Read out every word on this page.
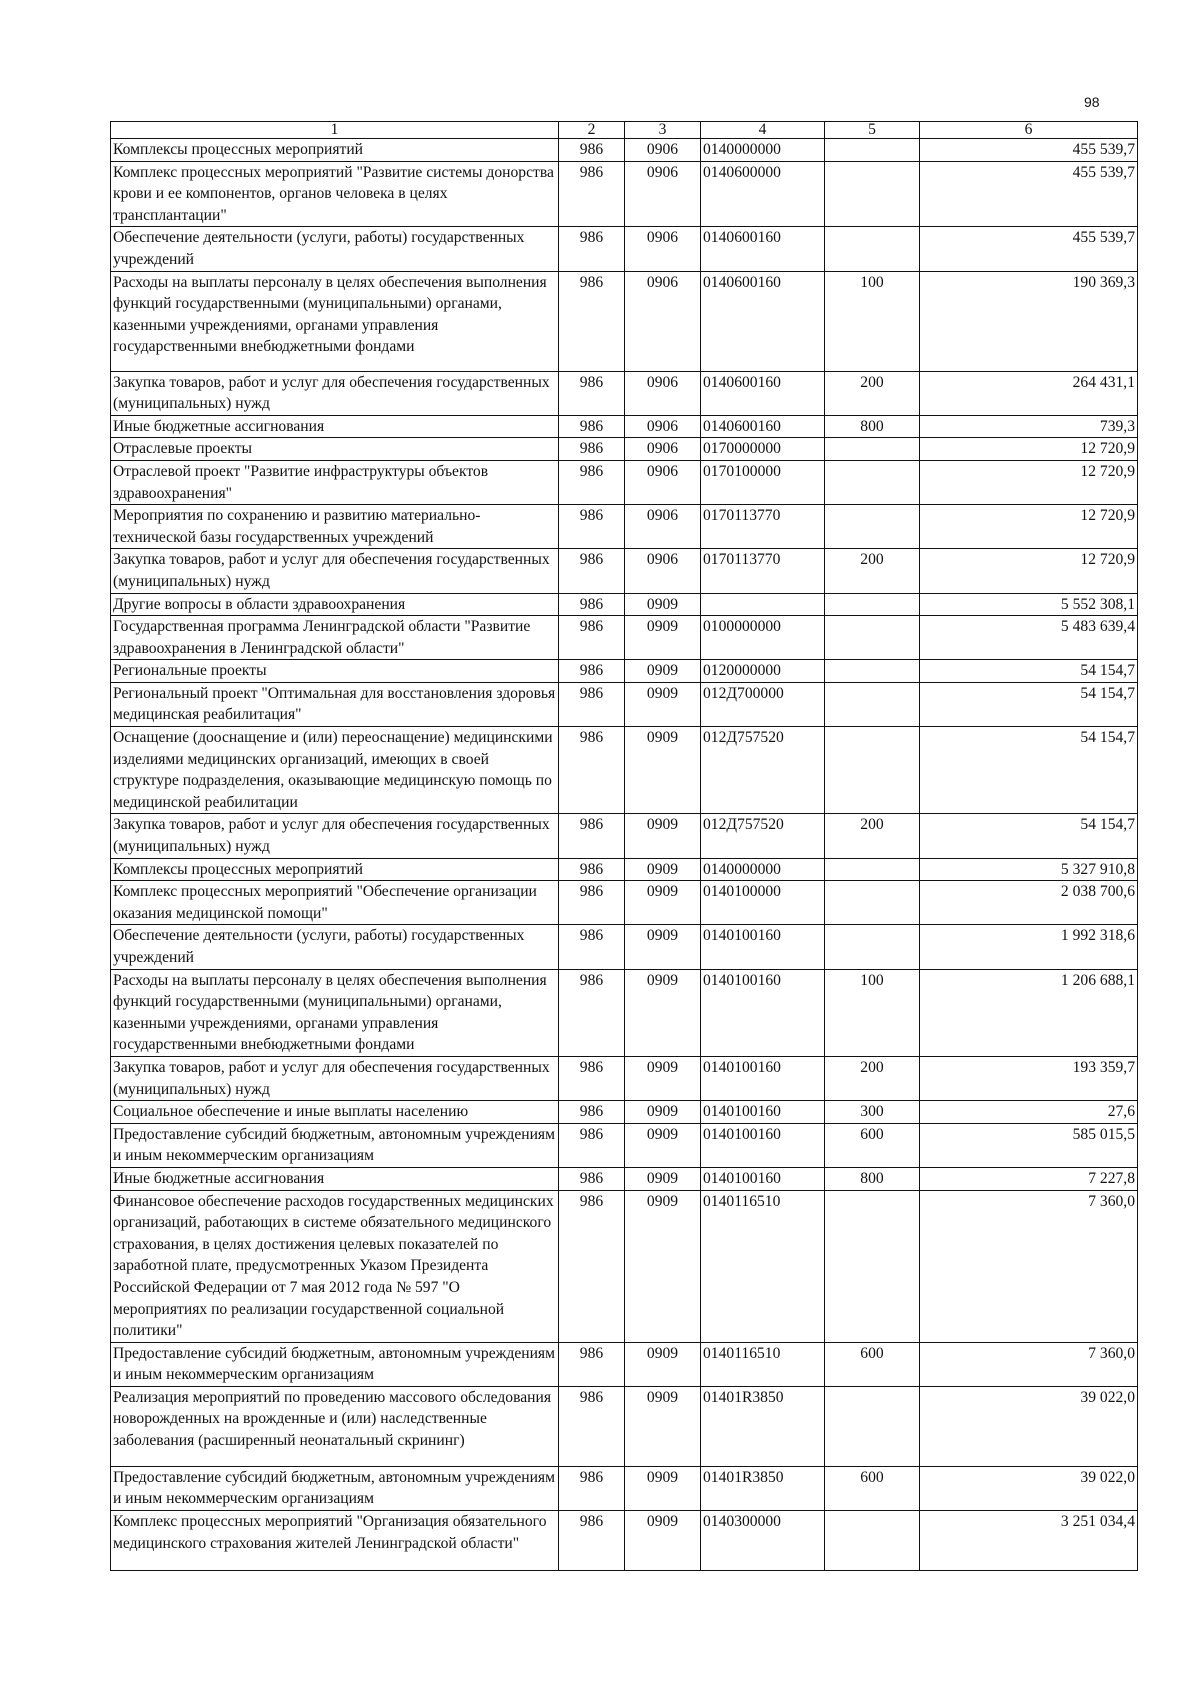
98
1	2	3	4	5	6
Комплексы процессных мероприятий	986	0906	0140000000		455 539,7
Комплекс процессных мероприятий "Развитие системы донорства крови и ее компонентов, органов человека в целях трансплантации"	986	0906	0140600000		455 539,7
Обеспечение деятельности (услуги, работы) государственных учреждений	986	0906	0140600160		455 539,7
Расходы на выплаты персоналу в целях обеспечения выполнения функций государственными (муниципальными) органами, казенными учреждениями, органами управления государственными внебюджетными фондами	986	0906	0140600160	100	190 369,3
Закупка товаров, работ и услуг для обеспечения государственных (муниципальных) нужд	986	0906	0140600160	200	264 431,1
Иные бюджетные ассигнования	986	0906	0140600160	800	739,3
Отраслевые проекты	986	0906	0170000000		12 720,9
Отраслевой проект "Развитие инфраструктуры объектов здравоохранения"	986	0906	0170100000		12 720,9
Мероприятия по сохранению и развитию материально-технической базы государственных учреждений	986	0906	0170113770		12 720,9
Закупка товаров, работ и услуг для обеспечения государственных (муниципальных) нужд	986	0906	0170113770	200	12 720,9
Другие вопросы в области здравоохранения	986	0909			5 552 308,1
Государственная программа Ленинградской области "Развитие здравоохранения в Ленинградской области"	986	0909	0100000000		5 483 639,4
Региональные проекты	986	0909	0120000000		54 154,7
Региональный проект "Оптимальная для восстановления здоровья медицинская реабилитация"	986	0909	012Д700000		54 154,7
Оснащение (дооснащение и (или) переоснащение) медицинскими изделиями медицинских организаций, имеющих в своей структуре подразделения, оказывающие медицинскую помощь по медицинской реабилитации	986	0909	012Д757520		54 154,7
Закупка товаров, работ и услуг для обеспечения государственных (муниципальных) нужд	986	0909	012Д757520	200	54 154,7
Комплексы процессных мероприятий	986	0909	0140000000		5 327 910,8
Комплекс процессных мероприятий "Обеспечение организации оказания медицинской помощи"	986	0909	0140100000		2 038 700,6
Обеспечение деятельности (услуги, работы) государственных учреждений	986	0909	0140100160		1 992 318,6
Расходы на выплаты персоналу в целях обеспечения выполнения функций государственными (муниципальными) органами, казенными учреждениями, органами управления государственными внебюджетными фондами	986	0909	0140100160	100	1 206 688,1
Закупка товаров, работ и услуг для обеспечения государственных (муниципальных) нужд	986	0909	0140100160	200	193 359,7
Социальное обеспечение и иные выплаты населению	986	0909	0140100160	300	27,6
Предоставление субсидий бюджетным, автономным учреждениям и иным некоммерческим организациям	986	0909	0140100160	600	585 015,5
Иные бюджетные ассигнования	986	0909	0140100160	800	7 227,8
Финансовое обеспечение расходов государственных медицинских организаций, работающих в системе обязательного медицинского страхования, в целях достижения целевых показателей по заработной плате, предусмотренных Указом Президента Российской Федерации от 7 мая 2012 года № 597 "О мероприятиях по реализации государственной социальной политики"	986	0909	0140116510		7 360,0
Предоставление субсидий бюджетным, автономным учреждениям и иным некоммерческим организациям	986	0909	0140116510	600	7 360,0
Реализация мероприятий по проведению массового обследования новорожденных на врожденные и (или) наследственные заболевания (расширенный неонатальный скрининг)	986	0909	01401R3850		39 022,0
Предоставление субсидий бюджетным, автономным учреждениям и иным некоммерческим организациям	986	0909	01401R3850	600	39 022,0
Комплекс процессных мероприятий "Организация обязательного медицинского страхования жителей Ленинградской области"	986	0909	0140300000		3 251 034,4
